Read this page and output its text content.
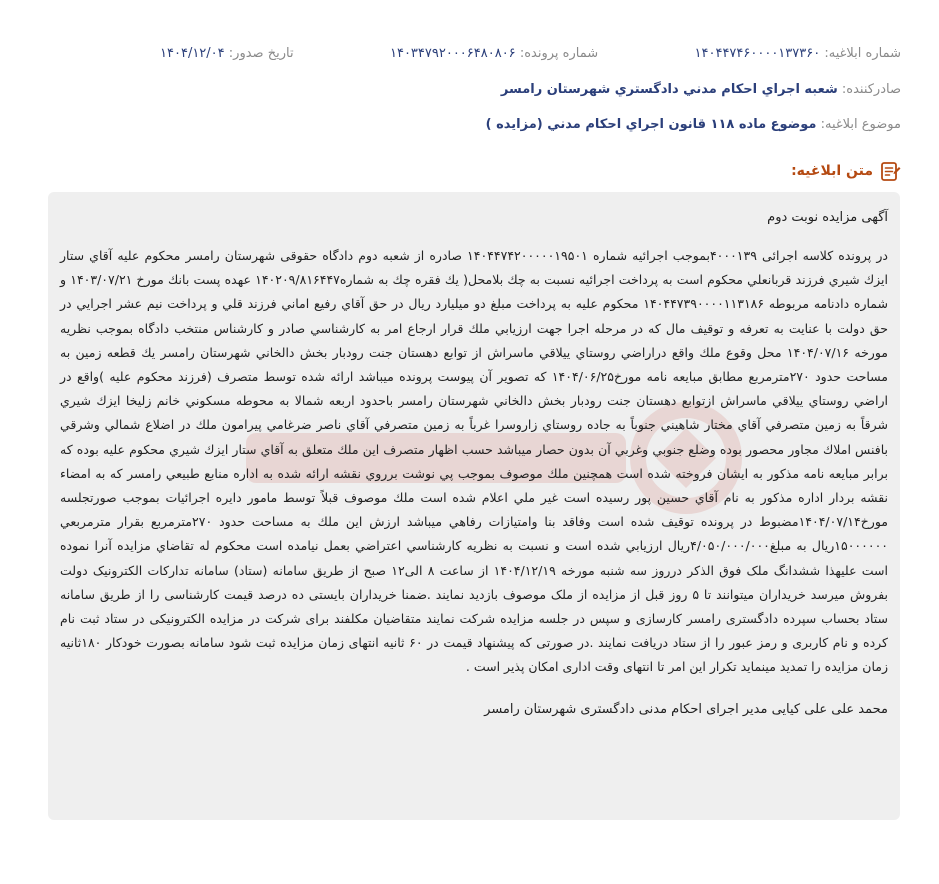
شماره ابلاغیه: ۱۴۰۴۴۷۴۶۰۰۰۰۱۳۷۳۶۰
شماره پرونده: ۱۴۰۳۴۷۹۲۰۰۰۶۴۸۰۸۰۶
تاریخ صدور: ۱۴۰۴/۱۲/۰۴
صادرکننده: شعبه اجراي احكام مدني دادگستري شهرستان رامسر
موضوع ابلاغیه: موضوع ماده ۱۱۸ قانون اجراي احكام مدني (مزايده )
متن ابلاغیه:

آگهی مزایده نوبت دوم

در پرونده کلاسه اجرائی ۴۰۰۰۱۳۹بموجب اجرائيه شماره ۱۴۰۴۴۷۴۲۰۰۰۰۰۱۹۵۰۱ صادره از شعبه دوم دادگاه حقوقی شهرستان رامسر محکوم عليه آقاي ستار ايزك شيري فرزند قربانعلي محكوم است به پرداخت اجرائيه نسبت به چك بلامحل( يك فقره چك به شماره۱۴۰۲۰۹/۸۱۶۴۴۷ عهده پست بانك مورخ ۱۴۰۳/۰۷/۲۱ و شماره دادنامه مربوطه ۱۴۰۴۴۷۳۹۰۰۰۰۱۱۳۱۸۶ محكوم عليه به پرداخت مبلغ دو ميليارد ريال در حق آقاي رفيع اماني فرزند قلي و پرداخت نيم عشر اجرايي در حق دولت با عنايت به تعرفه و توقيف مال كه در مرحله اجرا جهت ارزيابي ملك قرار ارجاع امر به كارشناسي صادر و كارشناس منتخب دادگاه بموجب نظريه مورخه ۱۴۰۴/۰۷/۱۶ محل وقوع ملك واقع دراراضي روستاي ييلاقي ماسراش از توابع دهستان جنت رودبار بخش دالخاني شهرستان رامسر يك قطعه زمين به مساحت حدود ۲۷۰مترمربع مطابق مبايعه نامه مورخ۱۴۰۴/۰۶/۲۵ كه تصوير آن پيوست پرونده ميباشد ارائه شده توسط متصرف (فرزند محكوم عليه )واقع در اراضي روستاي ييلاقي ماسراش ازتوابع دهستان جنت رودبار بخش دالخاني شهرستان رامسر باحدود اربعه شمالا به محوطه مسكوني خانم زليخا ايزك شيري شرقاً به زمين متصرفي آقاي مختار شاهيني جنوباً به جاده روستاي زاروسرا غرباً به زمين متصرفي آقاي ناصر ضرغامي پيرامون ملك در اضلاع شمالي وشرقي بافنس املاك مجاور محصور بوده وضلع جنوبي وغربي آن بدون حصار ميباشد حسب اظهار متصرف اين ملك متعلق به آقاي ستار ايزك شيري محكوم عليه بوده كه برابر مبايعه نامه مذكور به ايشان فروخته شده است همچنين ملك موصوف بموجب پي نوشت برروي نقشه ارائه شده به اداره منابع طبيعي رامسر كه به امضاء نقشه بردار اداره مذكور به نام آقاي حسين پور رسيده است غير ملي اعلام شده است ملك موصوف قبلاً توسط مامور دايره اجرائيات بموجب صورتجلسه مورخ۱۴۰۴/۰۷/۱۴مضبوط در پرونده توقيف شده است وفاقد بنا وامتيازات رفاهي ميباشد ارزش اين ملك به مساحت حدود ۲۷۰مترمربع بقرار مترمربعي ۱۵۰۰۰۰۰۰ريال به مبلغ۴/۰۵۰/۰۰۰/۰۰۰ريال ارزيابي شده است و نسبت به نظريه كارشناسي اعتراضي بعمل نيامده است محكوم له تقاضاي مزايده آنرا نموده است عليهذا ششدانگ ملک فوق الذكر درروز سه شنبه مورخه ۱۴۰۴/۱۲/۱۹ از ساعت ۸ الی۱۲ صبح از طريق سامانه (ستاد) سامانه تداركات الكترونيک دولت بفروش ميرسد خريداران ميتوانند تا ۵ روز قبل از مزایده از ملک موصوف بازدید نمایند .ضمنا خریداران بایستی ده درصد قیمت کارشناسی را از طریق سامانه ستاد بحساب سپرده دادگستری رامسر کارسازی و سپس در جلسه مزایده شرکت نمایند متقاضیان مکلفند برای شرکت در مزایده الکترونیکی در ستاد ثبت نام کرده و نام کاربری و رمز عبور را از ستاد دریافت نمایند .در صورتی که پیشنهاد قیمت در ۶۰ ثانیه انتهای زمان مزایده ثبت شود سامانه بصورت خودکار ۱۸۰ثانیه زمان مزایده را تمدید مینماید تکرار این امر تا انتهای وقت اداری امکان پذیر است .

محمد علی علی کیایی مدیر اجرای احکام مدنی دادگستری شهرستان رامسر
